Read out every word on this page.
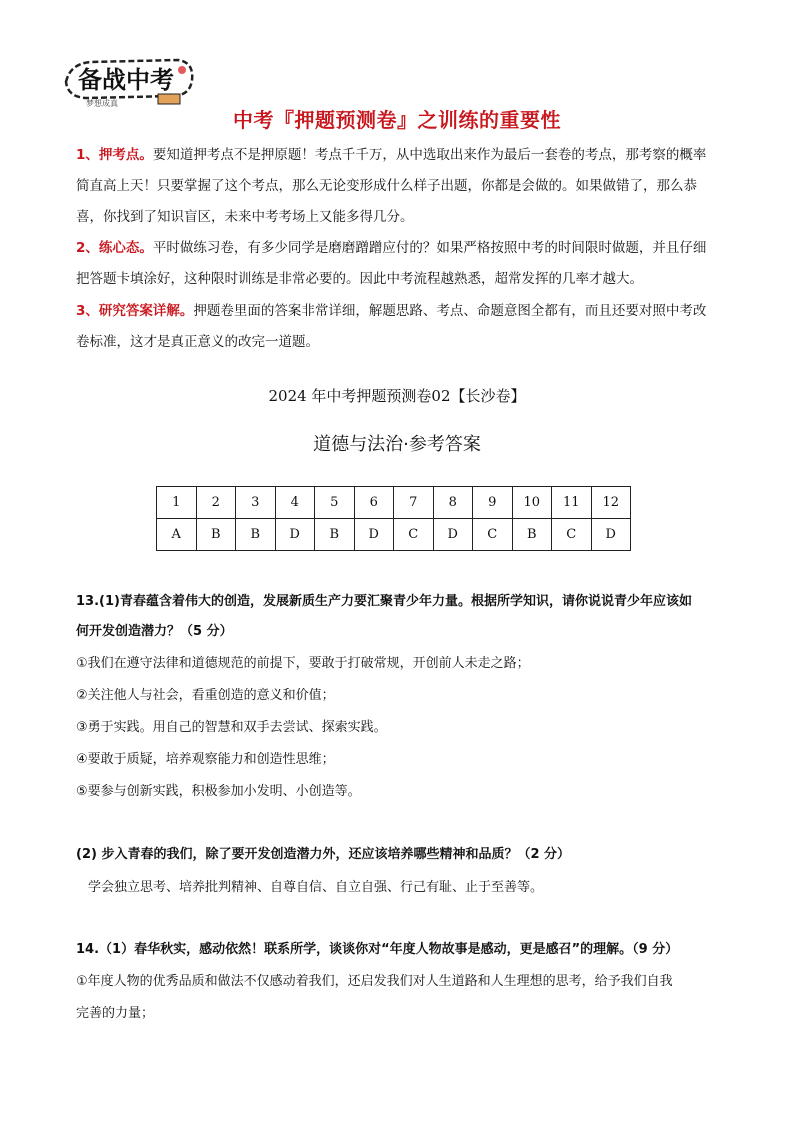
备战中考
梦想成真
中考『押题预测卷』之训练的重要性
1、押考点。要知道押考点不是押原题！考点千千万，从中选取出来作为最后一套卷的考点，那考察的概率
简直高上天！只要掌握了这个考点，那么无论变形成什么样子出题，你都是会做的。如果做错了，那么恭
喜，你找到了知识盲区，未来中考考场上又能多得几分。
2、练心态。平时做练习卷，有多少同学是磨磨蹭蹭应付的？如果严格按照中考的时间限时做题，并且仔细
把答题卡填涂好，这种限时训练是非常必要的。因此中考流程越熟悉，超常发挥的几率才越大。
3、研究答案详解。押题卷里面的答案非常详细，解题思路、考点、命题意图全都有，而且还要对照中考改
卷标准，这才是真正意义的改完一道题。
2024 年中考押题预测卷02【长沙卷】
道德与法治·参考答案
1	2	3	4	5	6	7	8	9	10	11	12
A	B	B	D	B	D	C	D	C	B	C	D
13.(1)青春蕴含着伟大的创造，发展新质生产力要汇聚青少年力量。根据所学知识，请你说说青少年应该如
何开发创造潜力？（5 分）
①我们在遵守法律和道德规范的前提下，要敢于打破常规，开创前人未走之路；
②关注他人与社会，看重创造的意义和价值；
③勇于实践。用自己的智慧和双手去尝试、探索实践。
④要敢于质疑，培养观察能力和创造性思维；
⑤要参与创新实践，积极参加小发明、小创造等。
(2) 步入青春的我们，除了要开发创造潜力外，还应该培养哪些精神和品质？（2 分）
学会独立思考、培养批判精神、自尊自信、自立自强、行己有耻、止于至善等。
14.（1）春华秋实，感动依然！联系所学，谈谈你对“年度人物故事是感动，更是感召”的理解。（9 分）
①年度人物的优秀品质和做法不仅感动着我们，还启发我们对人生道路和人生理想的思考，给予我们自我
完善的力量；
